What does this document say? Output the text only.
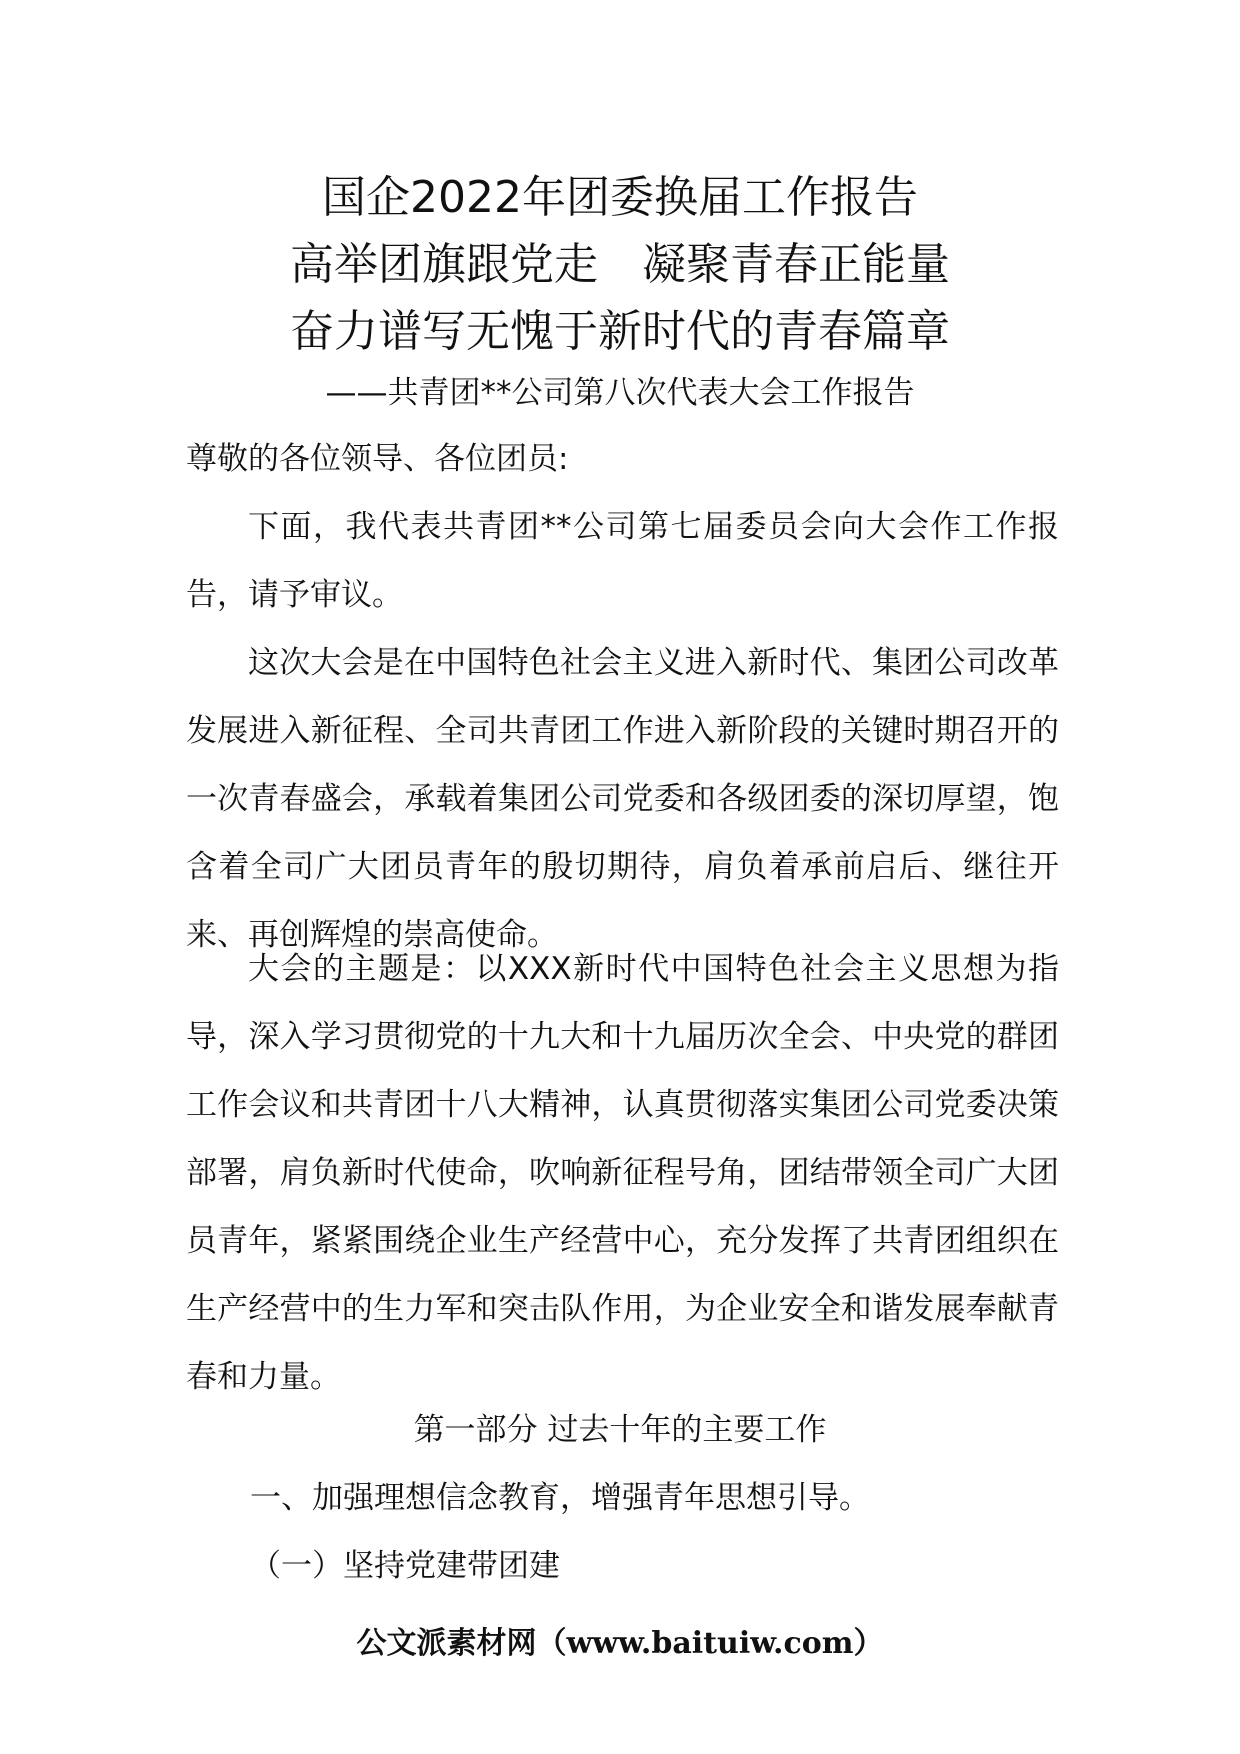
国企2022年团委换届工作报告
高举团旗跟党走　凝聚青春正能量
奋力谱写无愧于新时代的青春篇章
——共青团**公司第八次代表大会工作报告
尊敬的各位领导、各位团员:

下面，我代表共青团**公司第七届委员会向大会作工作报告，请予审议。

这次大会是在中国特色社会主义进入新时代、集团公司改革发展进入新征程、全司共青团工作进入新阶段的关键时期召开的一次青春盛会，承载着集团公司党委和各级团委的深切厚望，饱含着全司广大团员青年的殷切期待，肩负着承前启后、继往开来、再创辉煌的崇高使命。

大会的主题是：以XXX新时代中国特色社会主义思想为指导，深入学习贯彻党的十九大和十九届历次全会、中央党的群团工作会议和共青团十八大精神，认真贯彻落实集团公司党委决策部署，肩负新时代使命，吹响新征程号角，团结带领全司广大团员青年，紧紧围绕企业生产经营中心，充分发挥了共青团组织在生产经营中的生力军和突击队作用，为企业安全和谐发展奉献青春和力量。

第一部分 过去十年的主要工作
一、加强理想信念教育，增强青年思想引导。
（一）坚持党建带团建
公文派素材网（www.baituiw.com）
